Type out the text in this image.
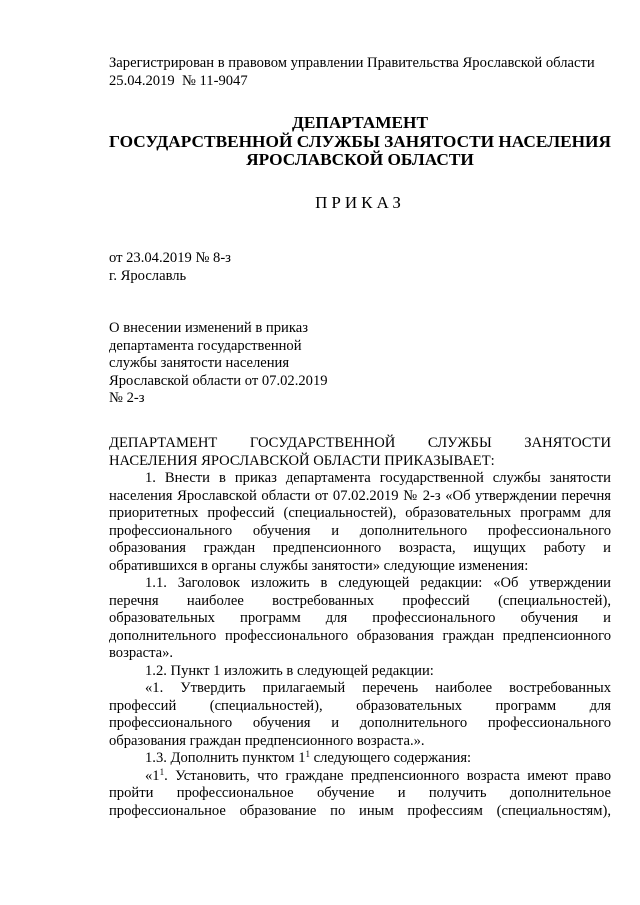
Зарегистрирован в правовом управлении Правительства Ярославской области
25.04.2019  № 11-9047
ДЕПАРТАМЕНТ
ГОСУДАРСТВЕННОЙ СЛУЖБЫ ЗАНЯТОСТИ НАСЕЛЕНИЯ
ЯРОСЛАВСКОЙ ОБЛАСТИ
ПРИКАЗ
от 23.04.2019 № 8-з
г. Ярославль
О внесении изменений в приказ
департамента государственной
службы занятости населения
Ярославской области от 07.02.2019
№ 2-з

ДЕПАРТАМЕНТ ГОСУДАРСТВЕННОЙ СЛУЖБЫ ЗАНЯТОСТИ

НАСЕЛЕНИЯ ЯРОСЛАВСКОЙ ОБЛАСТИ ПРИКАЗЫВАЕТ:

1. Внести в приказ департамента государственной службы занятости населения Ярославской области от 07.02.2019 № 2-з «Об утверждении перечня приоритетных профессий (специальностей), образовательных программ для профессионального обучения и дополнительного профессионального образования граждан предпенсионного возраста, ищущих работу и обратившихся в органы службы занятости» следующие изменения:

1.1. Заголовок изложить в следующей редакции: «Об утверждении перечня наиболее востребованных профессий (специальностей), образовательных программ для профессионального обучения и дополнительного профессионального образования граждан предпенсионного возраста».

1.2. Пункт 1 изложить в следующей редакции:

«1. Утвердить прилагаемый перечень наиболее востребованных профессий (специальностей), образовательных программ для профессионального обучения и дополнительного профессионального образования граждан предпенсионного возраста.».

1.3. Дополнить пунктом $1^1$ следующего содержания:

«$1^1$. Установить, что граждане предпенсионного возраста имеют право пройти профессиональное обучение и получить дополнительное профессиональное образование по иным профессиям (специальностям),
